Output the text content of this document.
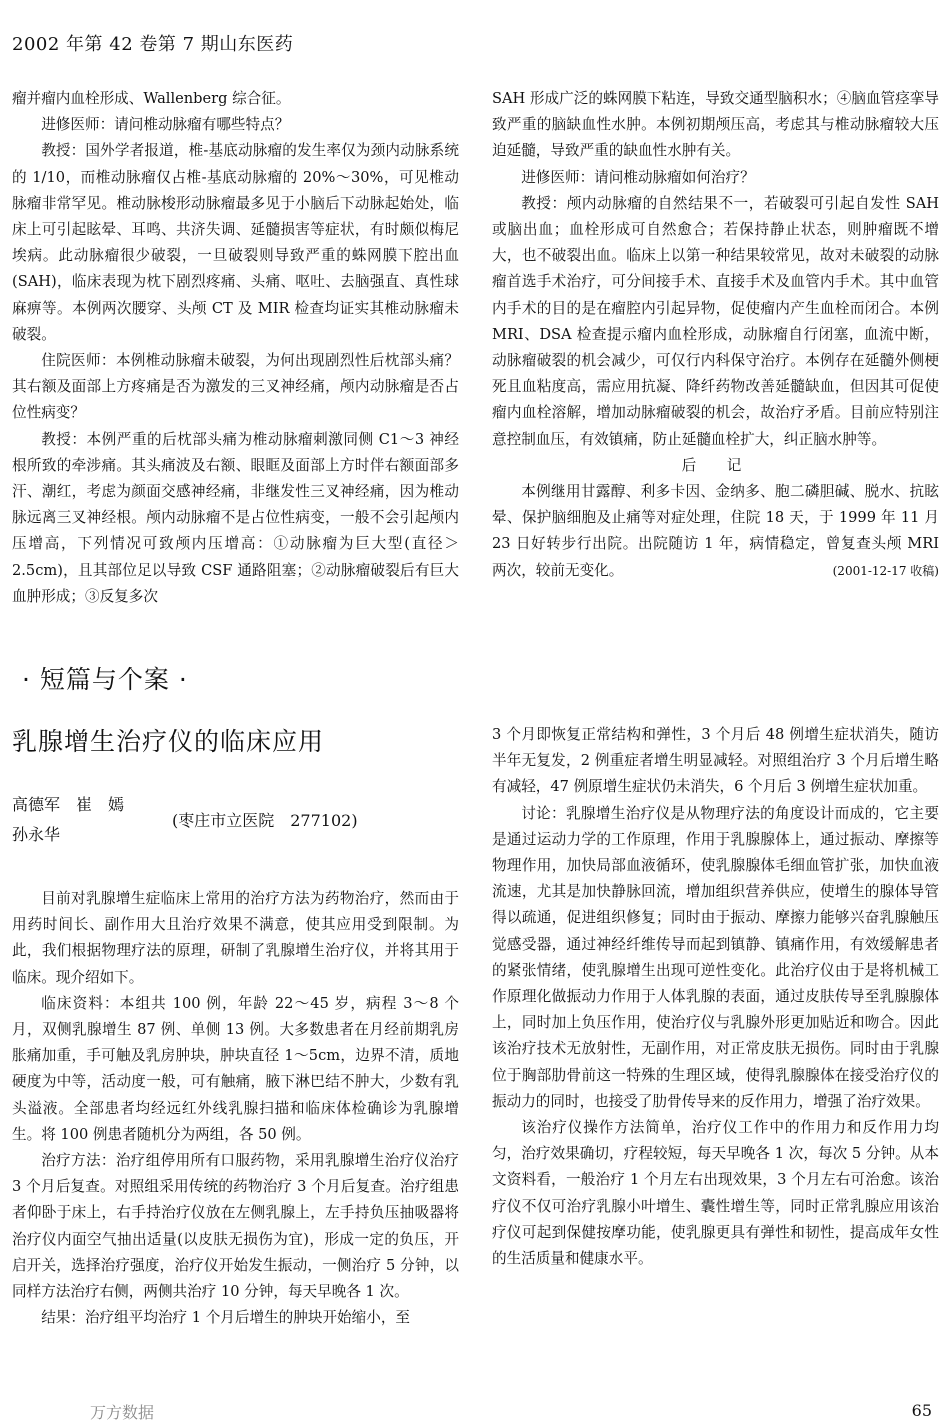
2002 年第 42 卷第 7 期山东医药

瘤并瘤内血栓形成、Wallenberg 综合征。

进修医师：请问椎动脉瘤有哪些特点？

教授：国外学者报道，椎-基底动脉瘤的发生率仅为颈内动脉系统的 1/10，而椎动脉瘤仅占椎-基底动脉瘤的 20%～30%，可见椎动脉瘤非常罕见。椎动脉梭形动脉瘤最多见于小脑后下动脉起始处，临床上可引起眩晕、耳鸣、共济失调、延髓损害等症状，有时颇似梅尼埃病。此动脉瘤很少破裂，一旦破裂则导致严重的蛛网膜下腔出血(SAH)，临床表现为枕下剧烈疼痛、头痛、呕吐、去脑强直、真性球麻痹等。本例两次腰穿、头颅 CT 及 MIR 检查均证实其椎动脉瘤未破裂。

住院医师：本例椎动脉瘤未破裂，为何出现剧烈性后枕部头痛？其右额及面部上方疼痛是否为激发的三叉神经痛，颅内动脉瘤是否占位性病变？

教授：本例严重的后枕部头痛为椎动脉瘤刺激同侧 C1～3 神经根所致的牵涉痛。其头痛波及右额、眼眶及面部上方时伴右额面部多汗、潮红，考虑为颜面交感神经痛，非继发性三叉神经痛，因为椎动脉远离三叉神经根。颅内动脉瘤不是占位性病变，一般不会引起颅内压增高，下列情况可致颅内压增高：①动脉瘤为巨大型(直径＞2.5cm)，且其部位足以导致 CSF 通路阻塞；②动脉瘤破裂后有巨大血肿形成；③反复多次

SAH 形成广泛的蛛网膜下粘连，导致交通型脑积水；④脑血管痉挛导致严重的脑缺血性水肿。本例初期颅压高，考虑其与椎动脉瘤较大压迫延髓，导致严重的缺血性水肿有关。

进修医师：请问椎动脉瘤如何治疗？

教授：颅内动脉瘤的自然结果不一，若破裂可引起自发性 SAH 或脑出血；血栓形成可自然愈合；若保持静止状态，则肿瘤既不增大，也不破裂出血。临床上以第一种结果较常见，故对未破裂的动脉瘤首选手术治疗，可分间接手术、直接手术及血管内手术。其中血管内手术的目的是在瘤腔内引起异物，促使瘤内产生血栓而闭合。本例 MRI、DSA 检查提示瘤内血栓形成，动脉瘤自行闭塞，血流中断，动脉瘤破裂的机会减少，可仅行内科保守治疗。本例存在延髓外侧梗死且血粘度高，需应用抗凝、降纤药物改善延髓缺血，但因其可促使瘤内血栓溶解，增加动脉瘤破裂的机会，故治疗矛盾。目前应特别注意控制血压，有效镇痛，防止延髓血栓扩大，纠正脑水肿等。

后　记

本例继用甘露醇、利多卡因、金纳多、胞二磷胆碱、脱水、抗眩晕、保护脑细胞及止痛等对症处理，住院 18 天，于 1999 年 11 月 23 日好转步行出院。出院随访 1 年，病情稳定，曾复查头颅 MRI 两次，较前无变化。	(2001-12-17 收稿)

· 短篇与个案 ·
乳腺增生治疗仪的临床应用
高德军　崔　嫣
孙永华
(枣庄市立医院　277102)

目前对乳腺增生症临床上常用的治疗方法为药物治疗，然而由于用药时间长、副作用大且治疗效果不满意，使其应用受到限制。为此，我们根据物理疗法的原理，研制了乳腺增生治疗仪，并将其用于临床。现介绍如下。

临床资料：本组共 100 例，年龄 22～45 岁，病程 3～8 个月，双侧乳腺增生 87 例、单侧 13 例。大多数患者在月经前期乳房胀痛加重，手可触及乳房肿块，肿块直径 1～5cm，边界不清，质地硬度为中等，活动度一般，可有触痛，腋下淋巴结不肿大，少数有乳头溢液。全部患者均经远红外线乳腺扫描和临床体检确诊为乳腺增生。将 100 例患者随机分为两组，各 50 例。

治疗方法：治疗组停用所有口服药物，采用乳腺增生治疗仪治疗 3 个月后复查。对照组采用传统的药物治疗 3 个月后复查。治疗组患者仰卧于床上，右手持治疗仪放在左侧乳腺上，左手持负压抽吸器将治疗仪内面空气抽出适量(以皮肤无损伤为宜)，形成一定的负压，开启开关，选择治疗强度，治疗仪开始发生振动，一侧治疗 5 分钟，以同样方法治疗右侧，两侧共治疗 10 分钟，每天早晚各 1 次。

结果：治疗组平均治疗 1 个月后增生的肿块开始缩小，至

3 个月即恢复正常结构和弹性，3 个月后 48 例增生症状消失，随访半年无复发，2 例重症者增生明显减轻。对照组治疗 3 个月后增生略有减轻，47 例原增生症状仍未消失，6 个月后 3 例增生症状加重。

讨论：乳腺增生治疗仪是从物理疗法的角度设计而成的，它主要是通过运动力学的工作原理，作用于乳腺腺体上，通过振动、摩擦等物理作用，加快局部血液循环，使乳腺腺体毛细血管扩张，加快血液流速，尤其是加快静脉回流，增加组织营养供应，使增生的腺体导管得以疏通，促进组织修复；同时由于振动、摩擦力能够兴奋乳腺触压觉感受器，通过神经纤维传导而起到镇静、镇痛作用，有效缓解患者的紧张情绪，使乳腺增生出现可逆性变化。此治疗仪由于是将机械工作原理化做振动力作用于人体乳腺的表面，通过皮肤传导至乳腺腺体上，同时加上负压作用，使治疗仪与乳腺外形更加贴近和吻合。因此该治疗技术无放射性，无副作用，对正常皮肤无损伤。同时由于乳腺位于胸部肋骨前这一特殊的生理区域，使得乳腺腺体在接受治疗仪的振动力的同时，也接受了肋骨传导来的反作用力，增强了治疗效果。

该治疗仪操作方法简单，治疗仪工作中的作用力和反作用力均匀，治疗效果确切，疗程较短，每天早晚各 1 次，每次 5 分钟。从本文资料看，一般治疗 1 个月左右出现效果，3 个月左右可治愈。该治疗仪不仅可治疗乳腺小叶增生、囊性增生等，同时正常乳腺应用该治疗仪可起到保健按摩功能，使乳腺更具有弹性和韧性，提高成年女性的生活质量和健康水平。

万方数据	65
